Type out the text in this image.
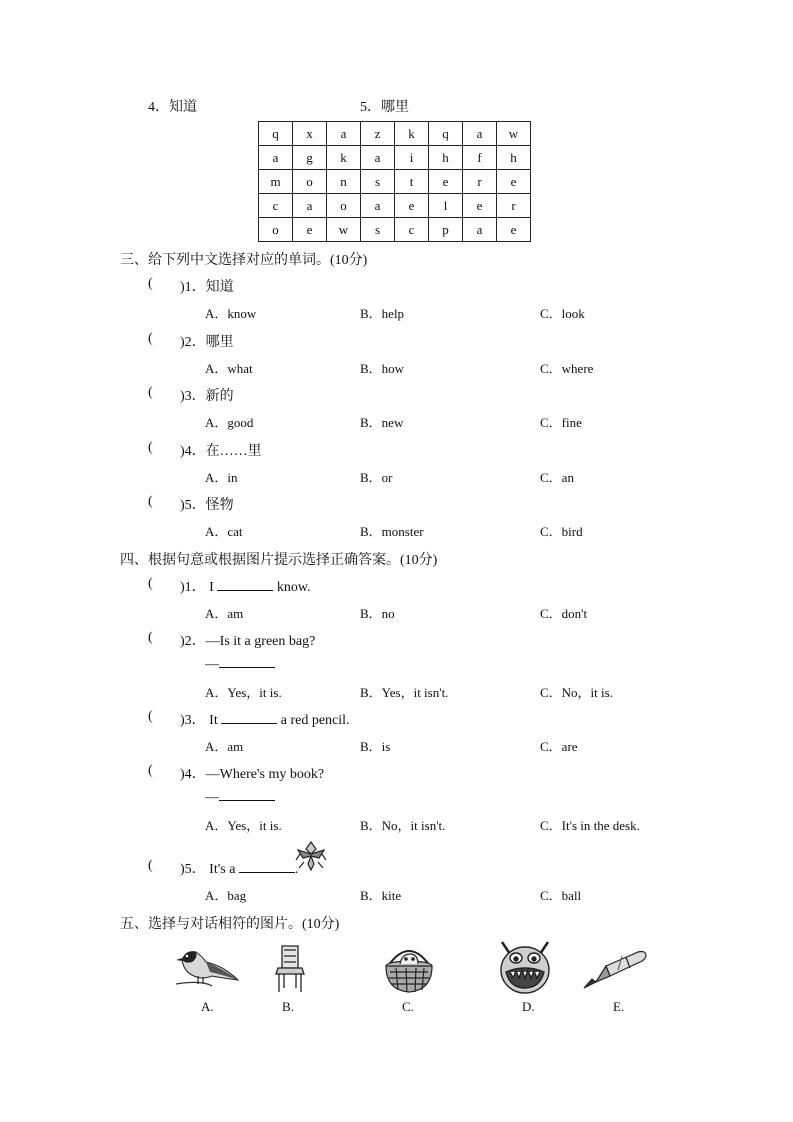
4．知道	5．哪里
q	x	a	z	k	q	a	w
a	g	k	a	i	h	f	h
m	o	n	s	t	e	r	e
c	a	o	a	e	l	e	r
o	e	w	s	c	p	a	e
三、给下列中文选择对应的单词。(10分)
( )1．知道
A．know	B．help	C．look
( )2．哪里
A．what	B．how	C．where
( )3．新的
A．good	B．new	C．fine
( )4．在……里
A．in	B．or	C．an
( )5．怪物
A．cat	B．monster	C．bird
四、根据句意或根据图片提示选择正确答案。(10分)
( )1． I	know.
A．am	B．no	C．don't
( )2．—Is it a green bag?
—
A．Yes，it is.	B．Yes，it isn't.	C．No，it is.
( )3． It	a red pencil.
A．am	B．is	C．are
( )4．—Where's my book?
—
A．Yes，it is.	B．No，it isn't.	C．It's in the desk.
( )5． It's a	.
A．bag	B．kite	C．ball
五、选择与对话相符的图片。(10分)
A.	B.	C.	D.	E.
